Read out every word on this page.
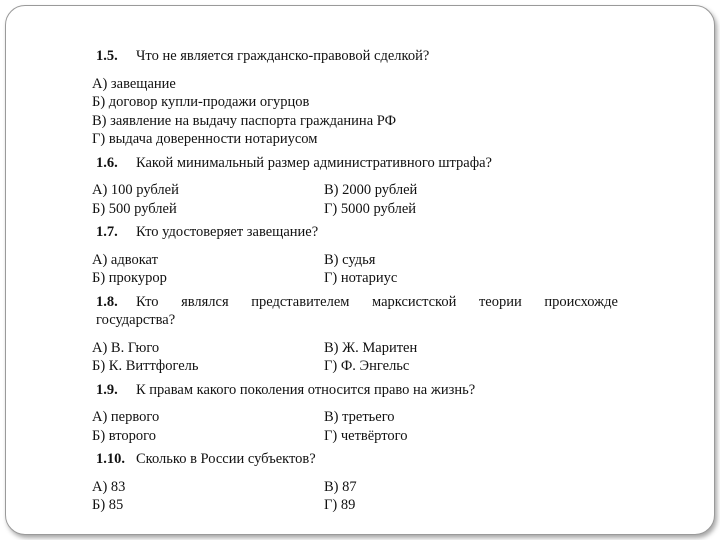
1.5.	Что не является гражданско-правовой сделкой?
А) завещание
Б) договор купли-продажи огурцов
В) заявление на выдачу паспорта гражданина РФ
Г) выдача доверенности нотариусом
1.6.	Какой минимальный размер административного штрафа?
А) 100 рублей	В) 2000 рублей
Б) 500 рублей	Г) 5000 рублей
1.7.	Кто удостоверяет завещание?
А) адвокат	В) судья
Б) прокурор	Г) нотариус
1.8.	Кто являлся представителем марксистской теории происхожде
государства?
А) В. Гюго	В) Ж. Маритен
Б) К. Виттфогель	Г) Ф. Энгельс
1.9.	К правам какого поколения относится право на жизнь?
А) первого	В) третьего
Б) второго	Г) четвёртого
1.10. Сколько в России субъектов?
А) 83	В) 87
Б) 85	Г) 89
